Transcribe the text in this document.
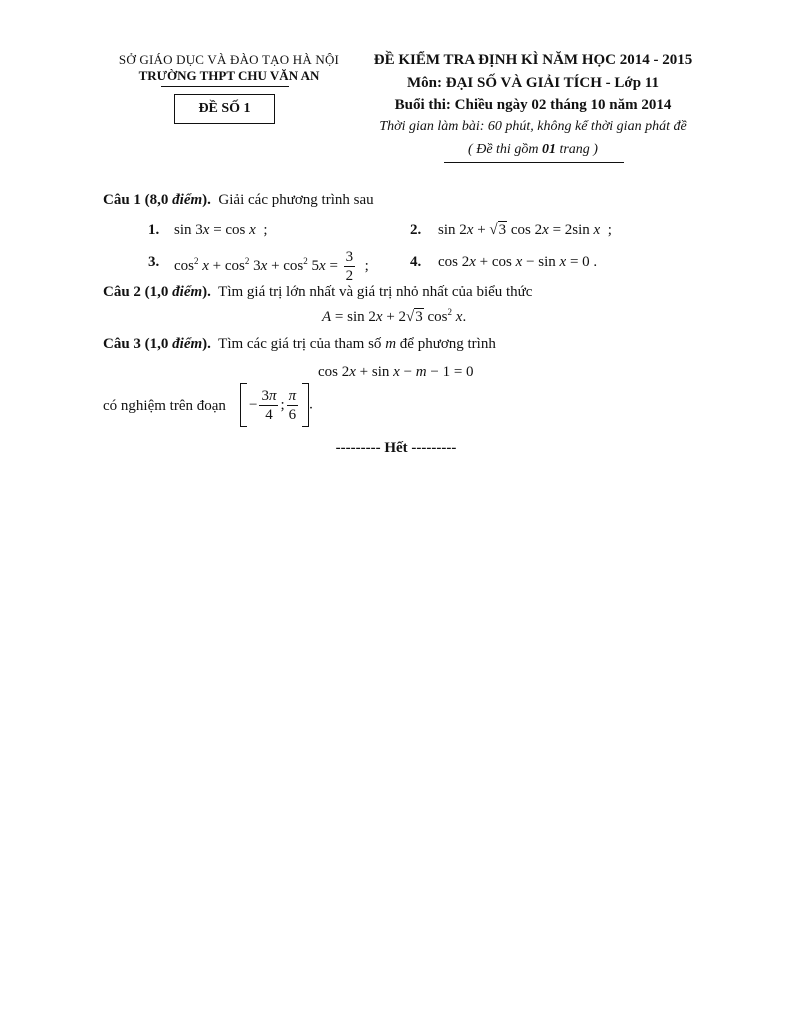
SỞ GIÁO DỤC VÀ ĐÀO TẠO HÀ NỘI
TRƯỜNG THPT CHU VĂN AN
ĐỀ SỐ 1
ĐỀ KIỂM TRA ĐỊNH KÌ NĂM HỌC 2014 - 2015
Môn: ĐẠI SỐ VÀ GIẢI TÍCH - Lớp 11
Buổi thi: Chiều ngày 02 tháng 10 năm 2014
Thời gian làm bài: 60 phút, không kể thời gian phát đề
( Đề thi gồm 01 trang )
Câu 1 (8,0 điểm). Giải các phương trình sau
1. sin 3x = cos x  ;	2. sin 2x + √3 cos 2x = 2sin x  ;
3. $\cos^2 x + \cos^2 3x + \cos^2 5x = \frac{3}{2}$ ;	4. cos 2x + cos x − sin x = 0 .
Câu 2 (1,0 điểm). Tìm giá trị lớn nhất và giá trị nhỏ nhất của biểu thức
A = sin 2x + 2√3 $\cos^2 x$.
Câu 3 (1,0 điểm). Tìm các giá trị của tham số m để phương trình
cos 2x + sin x − m − 1 = 0
có nghiệm trên đoạn	− $\frac{3\pi}{4}$ ; $\frac{\pi}{6}$ .
--------- Hết ---------
